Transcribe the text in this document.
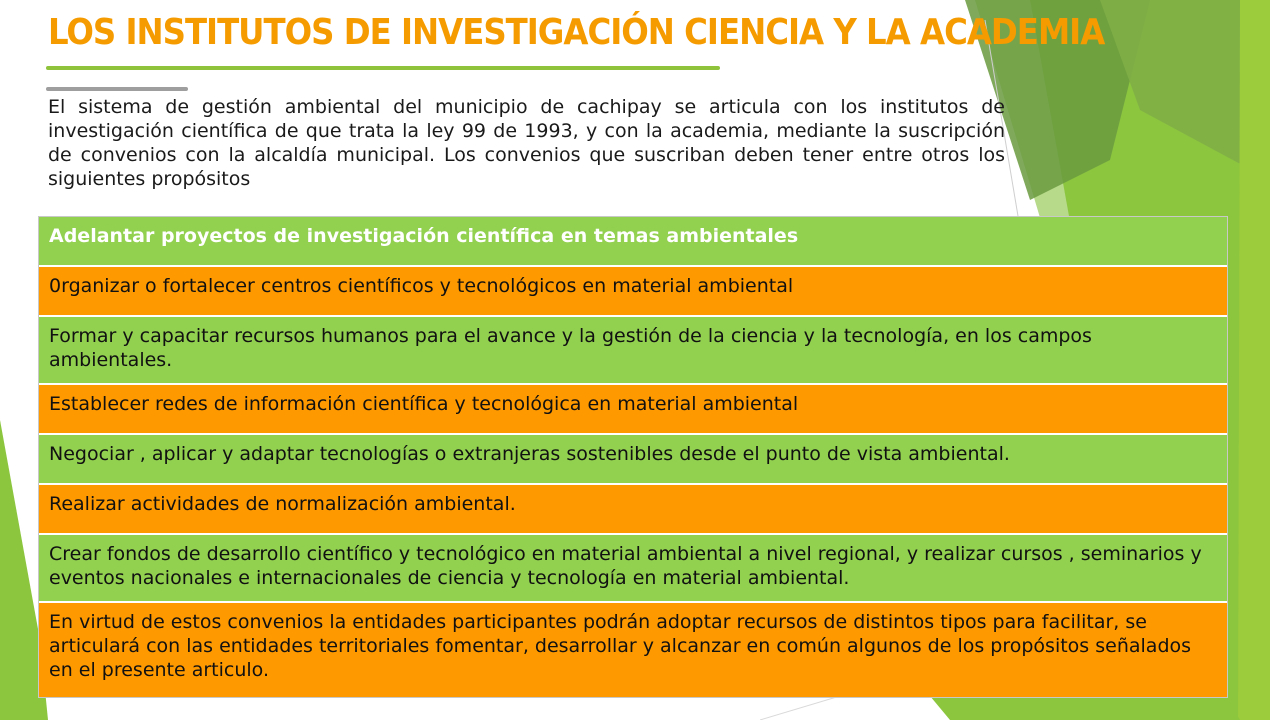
LOS INSTITUTOS DE INVESTIGACIÓN CIENCIA Y LA ACADEMIA

El sistema de gestión ambiental del municipio de cachipay se articula con los institutos de investigación científica de que trata la ley 99 de 1993, y con la academia, mediante la suscripción de convenios con la alcaldía municipal. Los convenios que suscriban deben tener entre otros los siguientes propósitos

Adelantar proyectos de investigación científica en temas ambientales
0rganizar o fortalecer centros científicos y tecnológicos en material ambiental
Formar y capacitar recursos humanos para el avance y la gestión de la ciencia y la tecnología, en los campos ambientales.
Establecer redes de información científica y tecnológica en material ambiental
Negociar , aplicar y adaptar tecnologías o extranjeras sostenibles desde el punto de vista ambiental.
Realizar actividades de normalización ambiental.
Crear fondos de desarrollo científico y tecnológico en material ambiental a nivel regional, y realizar cursos , seminarios y eventos nacionales e internacionales de ciencia y tecnología en material ambiental.
En virtud de estos convenios la entidades participantes podrán adoptar recursos de distintos tipos para facilitar, se articulará con las entidades territoriales fomentar, desarrollar y alcanzar en común algunos de los propósitos señalados en el presente articulo.
